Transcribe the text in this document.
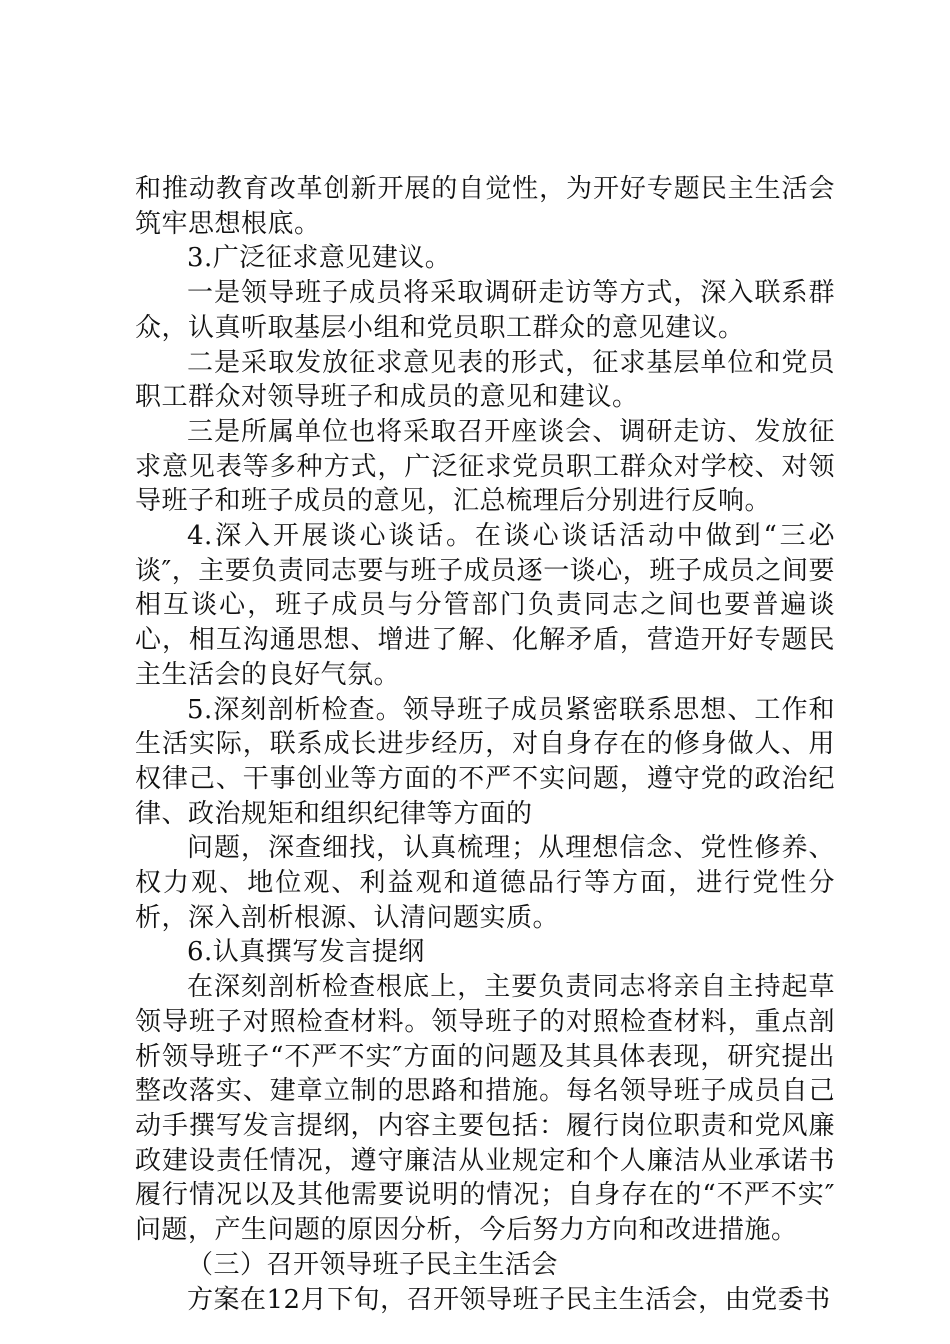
和推动教育改革创新开展的自觉性，为开好专题民主生活会筑牢思想根底。

3.广泛征求意见建议。

一是领导班子成员将采取调研走访等方式，深入联系群众，认真听取基层小组和党员职工群众的意见建议。

二是采取发放征求意见表的形式，征求基层单位和党员职工群众对领导班子和成员的意见和建议。

三是所属单位也将采取召开座谈会、调研走访、发放征求意见表等多种方式，广泛征求党员职工群众对学校、对领导班子和班子成员的意见，汇总梳理后分别进行反响。

4.深入开展谈心谈话。在谈心谈话活动中做到“三必谈″，主要负责同志要与班子成员逐一谈心，班子成员之间要相互谈心，班子成员与分管部门负责同志之间也要普遍谈心，相互沟通思想、增进了解、化解矛盾，营造开好专题民主生活会的良好气氛。

5.深刻剖析检查。领导班子成员紧密联系思想、工作和生活实际，联系成长进步经历，对自身存在的修身做人、用权律己、干事创业等方面的不严不实问题，遵守党的政治纪律、政治规矩和组织纪律等方面的

问题，深查细找，认真梳理；从理想信念、党性修养、权力观、地位观、利益观和道德品行等方面，进行党性分析，深入剖析根源、认清问题实质。

6.认真撰写发言提纲

在深刻剖析检查根底上，主要负责同志将亲自主持起草领导班子对照检查材料。领导班子的对照检查材料，重点剖析领导班子“不严不实″方面的问题及其具体表现，研究提出整改落实、建章立制的思路和措施。每名领导班子成员自己动手撰写发言提纲，内容主要包括：履行岗位职责和党风廉政建设责任情况，遵守廉洁从业规定和个人廉洁从业承诺书履行情况以及其他需要说明的情况；自身存在的“不严不实″问题，产生问题的原因分析，今后努力方向和改进措施。

（三）召开领导班子民主生活会

方案在12月下旬，召开领导班子民主生活会，由党委书
